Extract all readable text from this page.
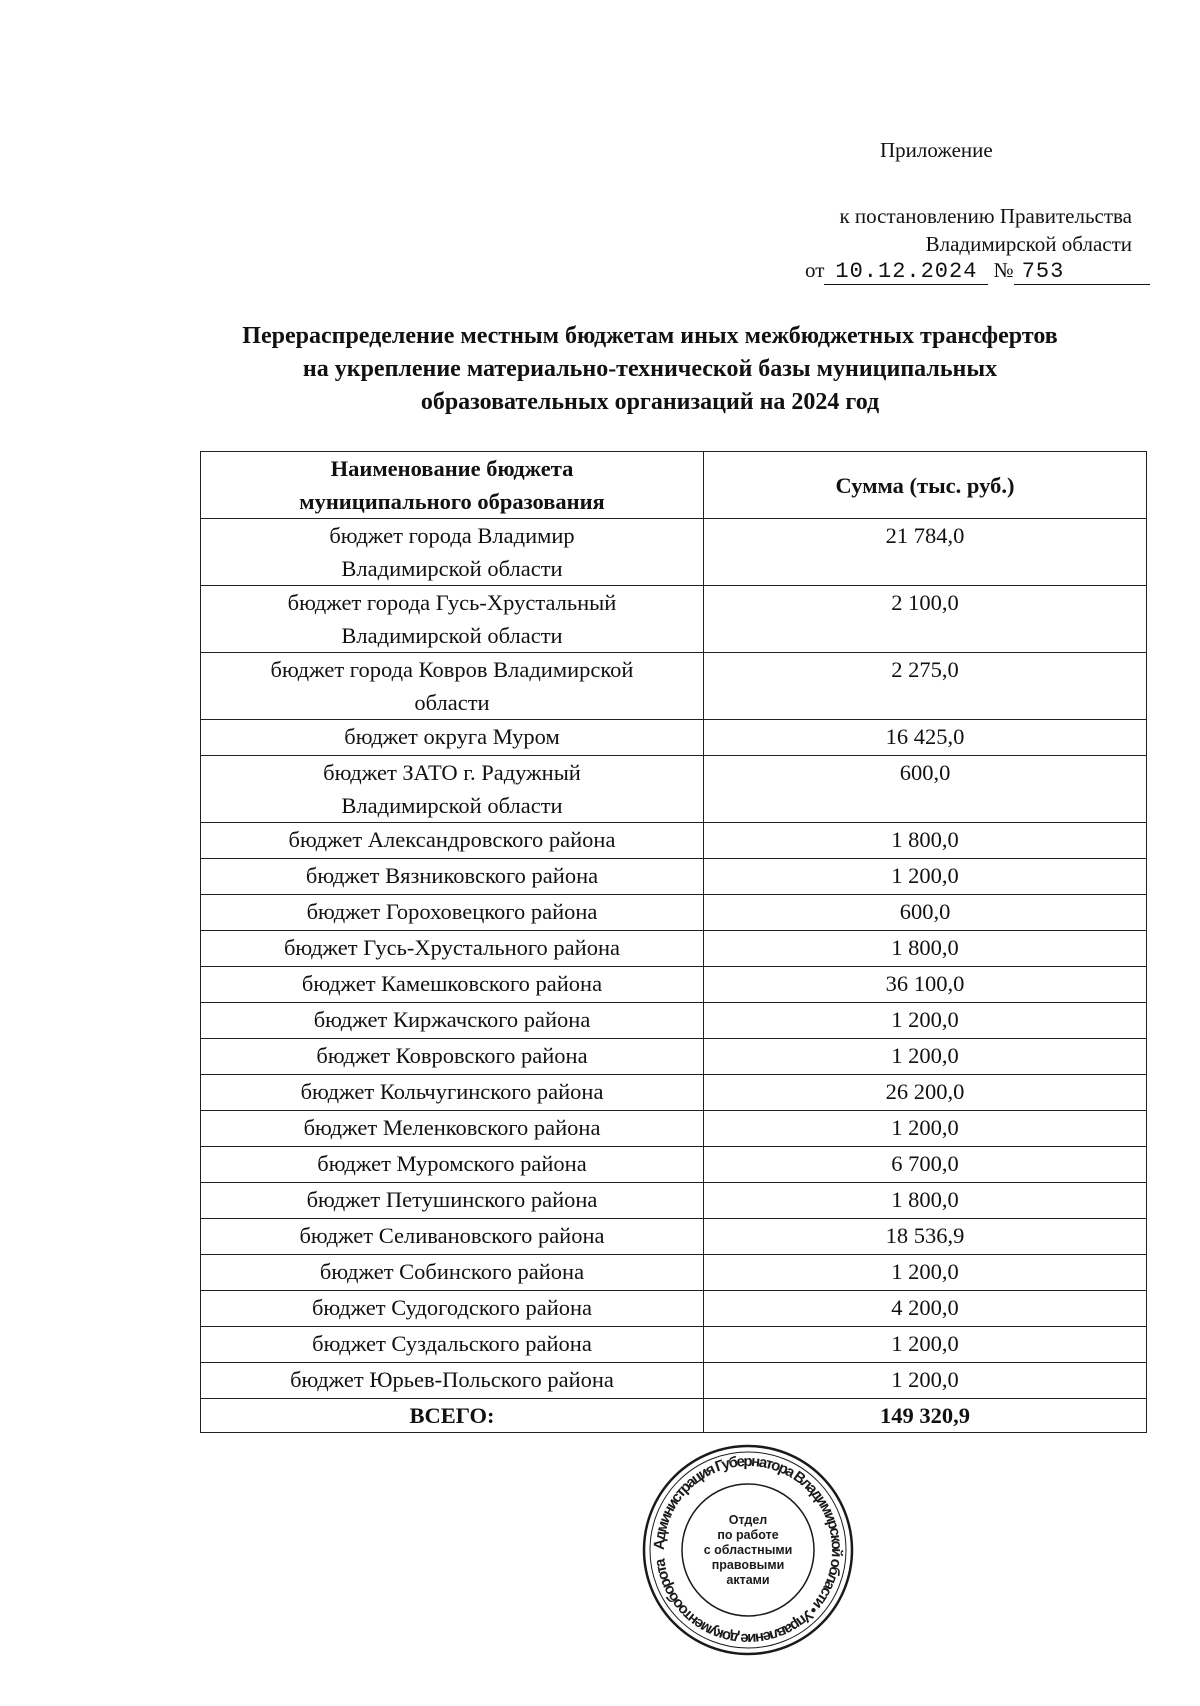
Приложение
к постановлению Правительства
Владимирской области
от 10.12.2024 № 753
Перераспределение местным бюджетам иных межбюджетных трансфертов
на укрепление материально-технической базы муниципальных
образовательных организаций на 2024 год
Наименование бюджета
муниципального образования	Сумма (тыс. руб.)

бюджет города Владимир
Владимирской области	21 784,0

бюджет города Гусь-Хрустальный
Владимирской области	2 100,0

бюджет города Ковров Владимирской
области	2 275,0

бюджет округа Муром	16 425,0

бюджет ЗАТО г. Радужный
Владимирской области	600,0

бюджет Александровского района	1 800,0

бюджет Вязниковского района	1 200,0

бюджет Гороховецкого района	600,0

бюджет Гусь-Хрустального района	1 800,0

бюджет Камешковского района	36 100,0

бюджет Киржачского района	1 200,0

бюджет Ковровского района	1 200,0

бюджет Кольчугинского района	26 200,0

бюджет Меленковского района	1 200,0

бюджет Муромского района	6 700,0

бюджет Петушинского района	1 800,0

бюджет Селивановского района	18 536,9

бюджет Собинского района	1 200,0

бюджет Судогодского района	4 200,0

бюджет Суздальского района	1 200,0

бюджет Юрьев-Польского района	1 200,0
ВСЕГО:	149 320,9
Администрация Губернатора Владимирской области • Управление документооборота
Отдел
по работе
с областными
правовыми
актами
